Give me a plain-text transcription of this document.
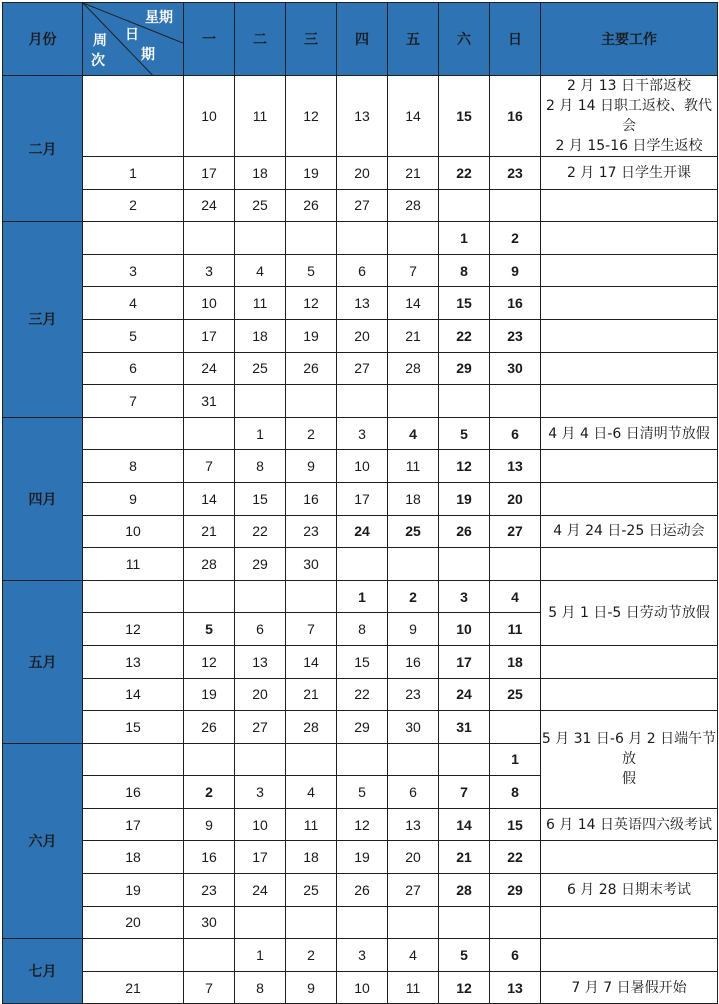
月份	星期
日
期
周
次	一	二	三	四	五	六	日	主要工作
二月		10	11	12	13	14	15	16	2 月 13 日干部返校
2 月 14 日职工返校、教代会
2 月 15-16 日学生返校

	1	17	18	19	20	21	22	23	2 月 17 日学生开课

	2	24	25	26	27	28			
三月							1	2	
	3	3	4	5	6	7	8	9	
	4	10	11	12	13	14	15	16	
	5	17	18	19	20	21	22	23	
	6	24	25	26	27	28	29	30	
	7	31							
四月			1	2	3	4	5	6	4 月 4 日-6 日清明节放假

	8	7	8	9	10	11	12	13	
	9	14	15	16	17	18	19	20	
	10	21	22	23	24	25	26	27	4 月 24 日-25 日运动会

	11	28	29	30					
五月					1	2	3	4	5 月 1 日-5 日劳动节放假

	12	5	6	7	8	9	10	11	
	13	12	13	14	15	16	17	18	
	14	19	20	21	22	23	24	25	
	15	26	27	28	29	30	31		5 月 31 日-6 月 2 日端午节放
假

六月								1	
	16	2	3	4	5	6	7	8	
	17	9	10	11	12	13	14	15	6 月 14 日英语四六级考试

	18	16	17	18	19	20	21	22	
	19	23	24	25	26	27	28	29	6 月 28 日期末考试

	20	30							
七月			1	2	3	4	5	6	
	21	7	8	9	10	11	12	13	7 月 7 日暑假开始
